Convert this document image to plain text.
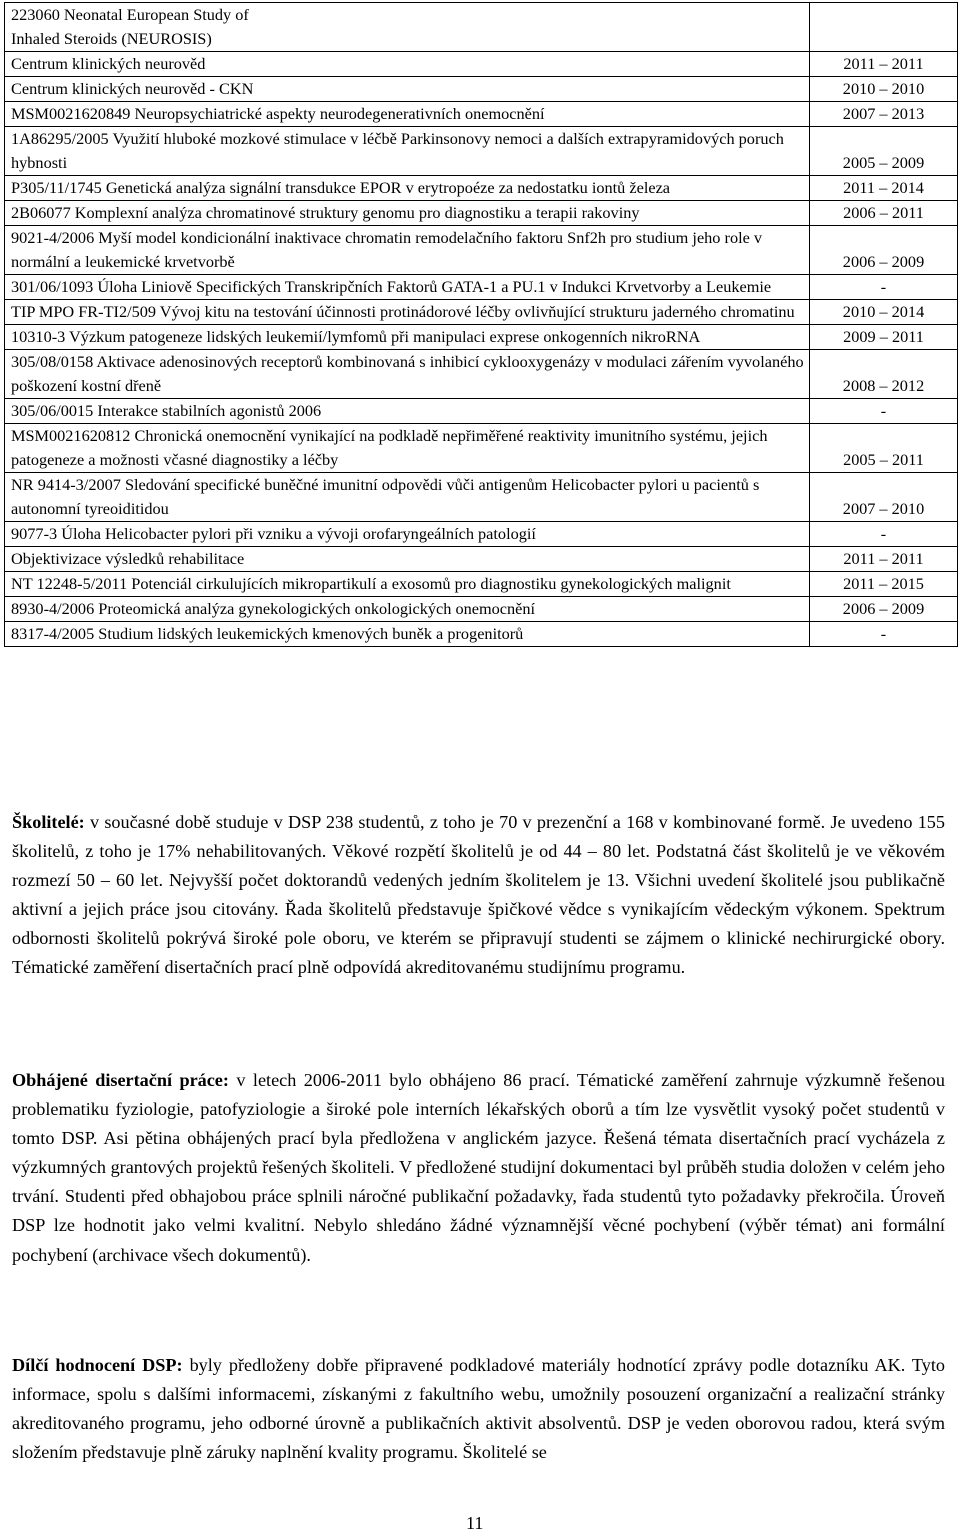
223060 Neonatal European Study of
Inhaled Steroids (NEUROSIS)	
Centrum klinických neurověd	2011 – 2011
Centrum klinických neurověd - CKN	2010 – 2010
MSM0021620849 Neuropsychiatrické aspekty neurodegenerativních onemocnění	2007 – 2013
1A86295/2005 Využití hluboké mozkové stimulace v léčbě Parkinsonovy nemoci a dalších extrapyramidových poruch hybnosti	2005 – 2009
P305/11/1745 Genetická analýza signální transdukce EPOR v erytropoéze za nedostatku iontů železa	2011 – 2014
2B06077 Komplexní analýza chromatinové struktury genomu pro diagnostiku a terapii rakoviny	2006 – 2011
9021-4/2006 Myší model kondicionální inaktivace chromatin remodelačního faktoru Snf2h pro studium jeho role v normální a leukemické krvetvorbě	2006 – 2009
301/06/1093 Úloha Liniově Specifických Transkripčních Faktorů GATA-1 a PU.1 v Indukci Krvetvorby a Leukemie	-
TIP MPO FR-TI2/509 Vývoj kitu na testování účinnosti protinádorové léčby ovlivňující strukturu jaderného chromatinu	2010 – 2014
10310-3 Výzkum patogeneze lidských leukemií/lymfomů při manipulaci exprese onkogenních nikroRNA	2009 – 2011
305/08/0158 Aktivace adenosinových receptorů kombinovaná s inhibicí cyklooxygenázy v modulaci zářením vyvolaného poškození kostní dřeně	2008 – 2012
305/06/0015 Interakce stabilních agonistů 2006	-
MSM0021620812 Chronická onemocnění vynikající na podkladě nepřiměřené reaktivity imunitního systému, jejich patogeneze a možnosti včasné diagnostiky a léčby	2005 – 2011
NR 9414-3/2007 Sledování specifické buněčné imunitní odpovědi vůči antigenům Helicobacter pylori u pacientů s autonomní tyreoiditidou	2007 – 2010
9077-3 Úloha Helicobacter pylori při vzniku a vývoji orofaryngeálních patologií	-
Objektivizace výsledků rehabilitace	2011 – 2011
NT 12248-5/2011 Potenciál cirkulujících mikropartikulí a exosomů pro diagnostiku gynekologických malignit	2011 – 2015
8930-4/2006 Proteomická analýza gynekologických onkologických onemocnění	2006 – 2009
8317-4/2005 Studium lidských leukemických kmenových buněk a progenitorů	-

Školitelé: v současné době studuje v DSP 238 studentů, z toho je 70 v prezenční a 168 v kombinované formě. Je uvedeno 155 školitelů, z toho je 17% nehabilitovaných. Věkové rozpětí školitelů je od 44 – 80 let. Podstatná část školitelů je ve věkovém rozmezí 50 – 60 let. Nejvyšší počet doktorandů vedených jedním školitelem je 13. Všichni uvedení školitelé jsou publikačně aktivní a jejich práce jsou citovány. Řada školitelů představuje špičkové vědce s vynikajícím vědeckým výkonem. Spektrum odbornosti školitelů pokrývá široké pole oboru, ve kterém se připravují studenti se zájmem o klinické nechirurgické obory. Tématické zaměření disertačních prací plně odpovídá akreditovanému studijnímu programu.

Obhájené disertační práce: v letech 2006-2011 bylo obhájeno 86 prací. Tématické zaměření zahrnuje výzkumně řešenou problematiku fyziologie, patofyziologie a široké pole interních lékařských oborů a tím lze vysvětlit vysoký počet studentů v tomto DSP. Asi pětina obhájených prací byla předložena v anglickém jazyce. Řešená témata disertačních prací vycházela z výzkumných grantových projektů řešených školiteli. V předložené studijní dokumentaci byl průběh studia doložen v celém jeho trvání. Studenti před obhajobou práce splnili náročné publikační požadavky, řada studentů tyto požadavky překročila. Úroveň DSP lze hodnotit jako velmi kvalitní. Nebylo shledáno žádné významnější věcné pochybení (výběr témat) ani formální pochybení (archivace všech dokumentů).

Dílčí hodnocení DSP: byly předloženy dobře připravené podkladové materiály hodnotící zprávy podle dotazníku AK. Tyto informace, spolu s dalšími informacemi, získanými z fakultního webu, umožnily posouzení organizační a realizační stránky akreditovaného programu, jeho odborné úrovně a publikačních aktivit absolventů. DSP je veden oborovou radou, která svým složením představuje plně záruky naplnění kvality programu. Školitelé se

11
